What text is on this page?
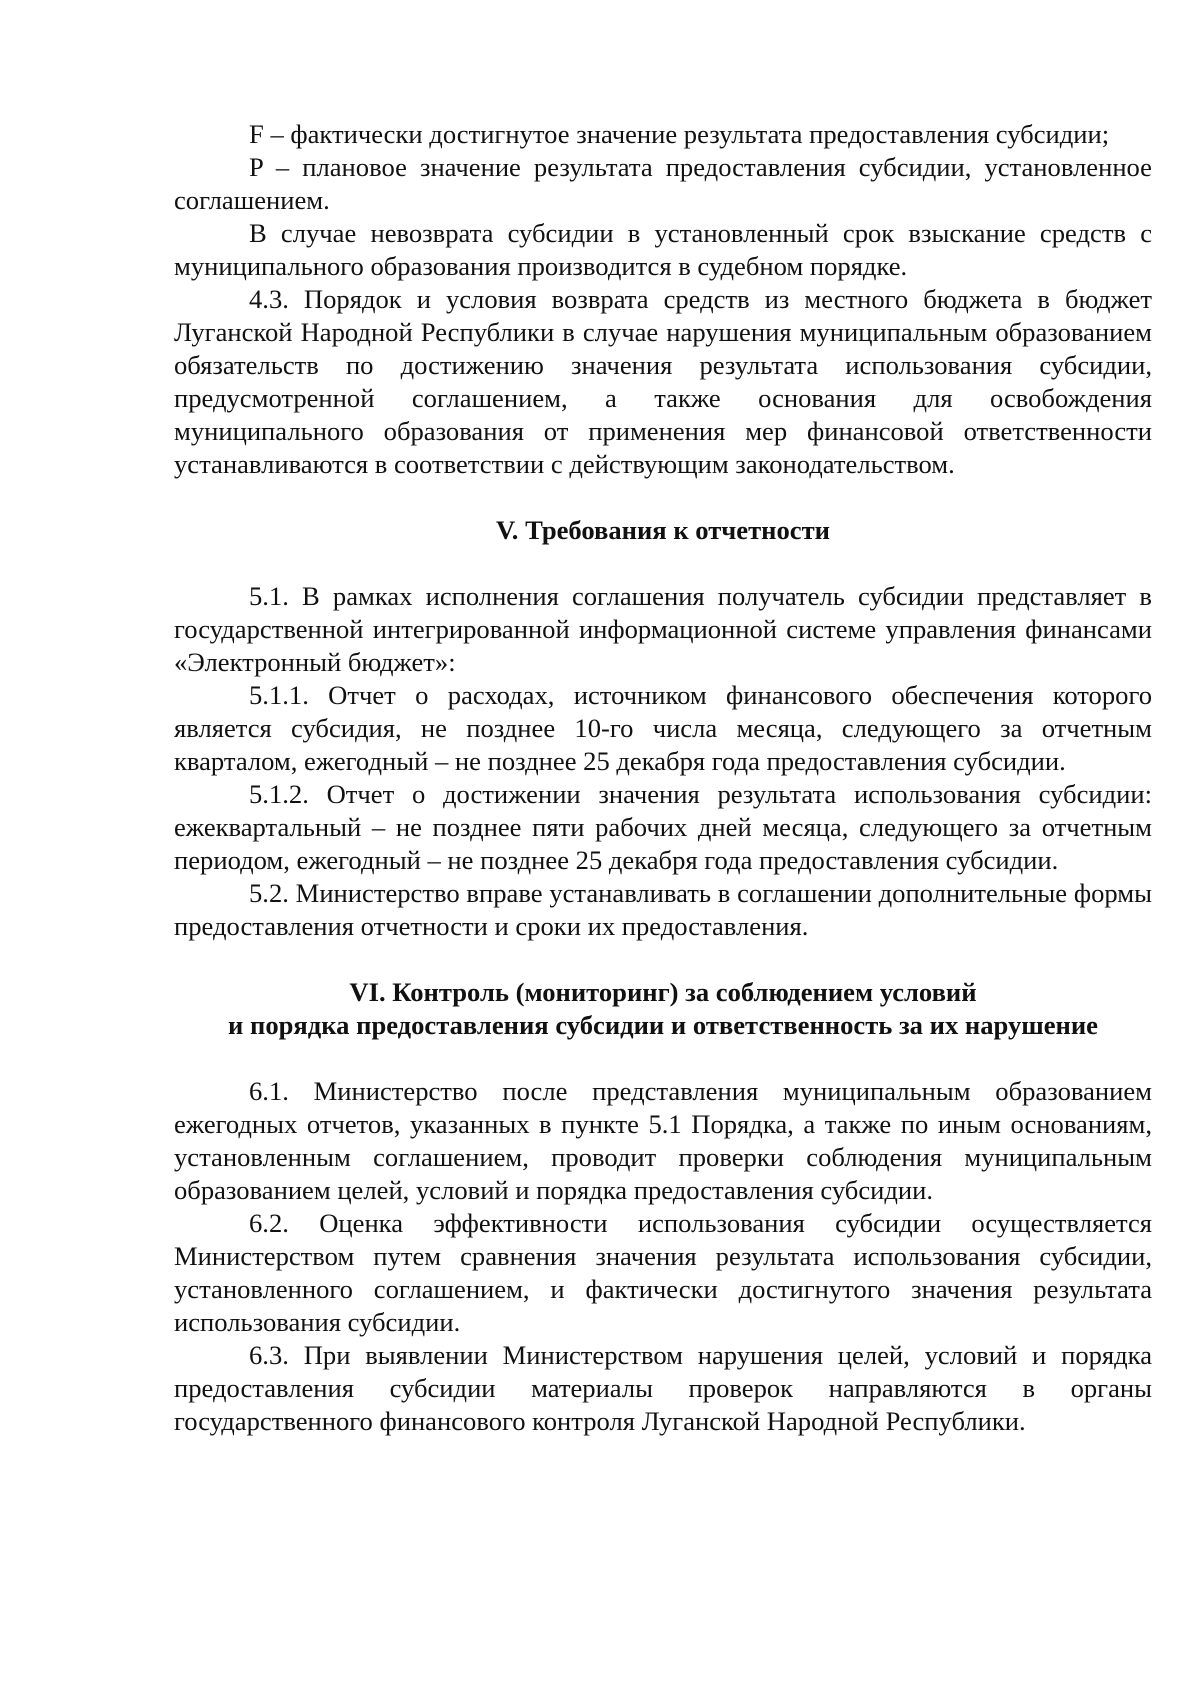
F – фактически достигнутое значение результата предоставления субсидии;

P – плановое значение результата предоставления субсидии, установленное соглашением.

В случае невозврата субсидии в установленный срок взыскание средств с муниципального образования производится в судебном порядке.

4.3. Порядок и условия возврата средств из местного бюджета в бюджет Луганской Народной Республики в случае нарушения муниципальным образованием обязательств по достижению значения результата использования субсидии, предусмотренной соглашением, а также основания для освобождения муниципального образования от применения мер финансовой ответственности устанавливаются в соответствии с действующим законодательством.

V. Требования к отчетности

5.1. В рамках исполнения соглашения получатель субсидии представляет в государственной интегрированной информационной системе управления финансами «Электронный бюджет»:

5.1.1. Отчет о расходах, источником финансового обеспечения которого является субсидия, не позднее 10-го числа месяца, следующего за отчетным кварталом, ежегодный – не позднее 25 декабря года предоставления субсидии.

5.1.2. Отчет о достижении значения результата использования субсидии: ежеквартальный – не позднее пяти рабочих дней месяца, следующего за отчетным периодом, ежегодный – не позднее 25 декабря года предоставления субсидии.

5.2. Министерство вправе устанавливать в соглашении дополнительные формы предоставления отчетности и сроки их предоставления.

VI. Контроль (мониторинг) за соблюдением условий
и порядка предоставления субсидии и ответственность за их нарушение

6.1. Министерство после представления муниципальным образованием ежегодных отчетов, указанных в пункте 5.1 Порядка, а также по иным основаниям, установленным соглашением, проводит проверки соблюдения муниципальным образованием целей, условий и порядка предоставления субсидии.

6.2. Оценка эффективности использования субсидии осуществляется Министерством путем сравнения значения результата использования субсидии, установленного соглашением, и фактически достигнутого значения результата использования субсидии.

6.3. При выявлении Министерством нарушения целей, условий и порядка предоставления субсидии материалы проверок направляются в органы государственного финансового контроля Луганской Народной Республики.
